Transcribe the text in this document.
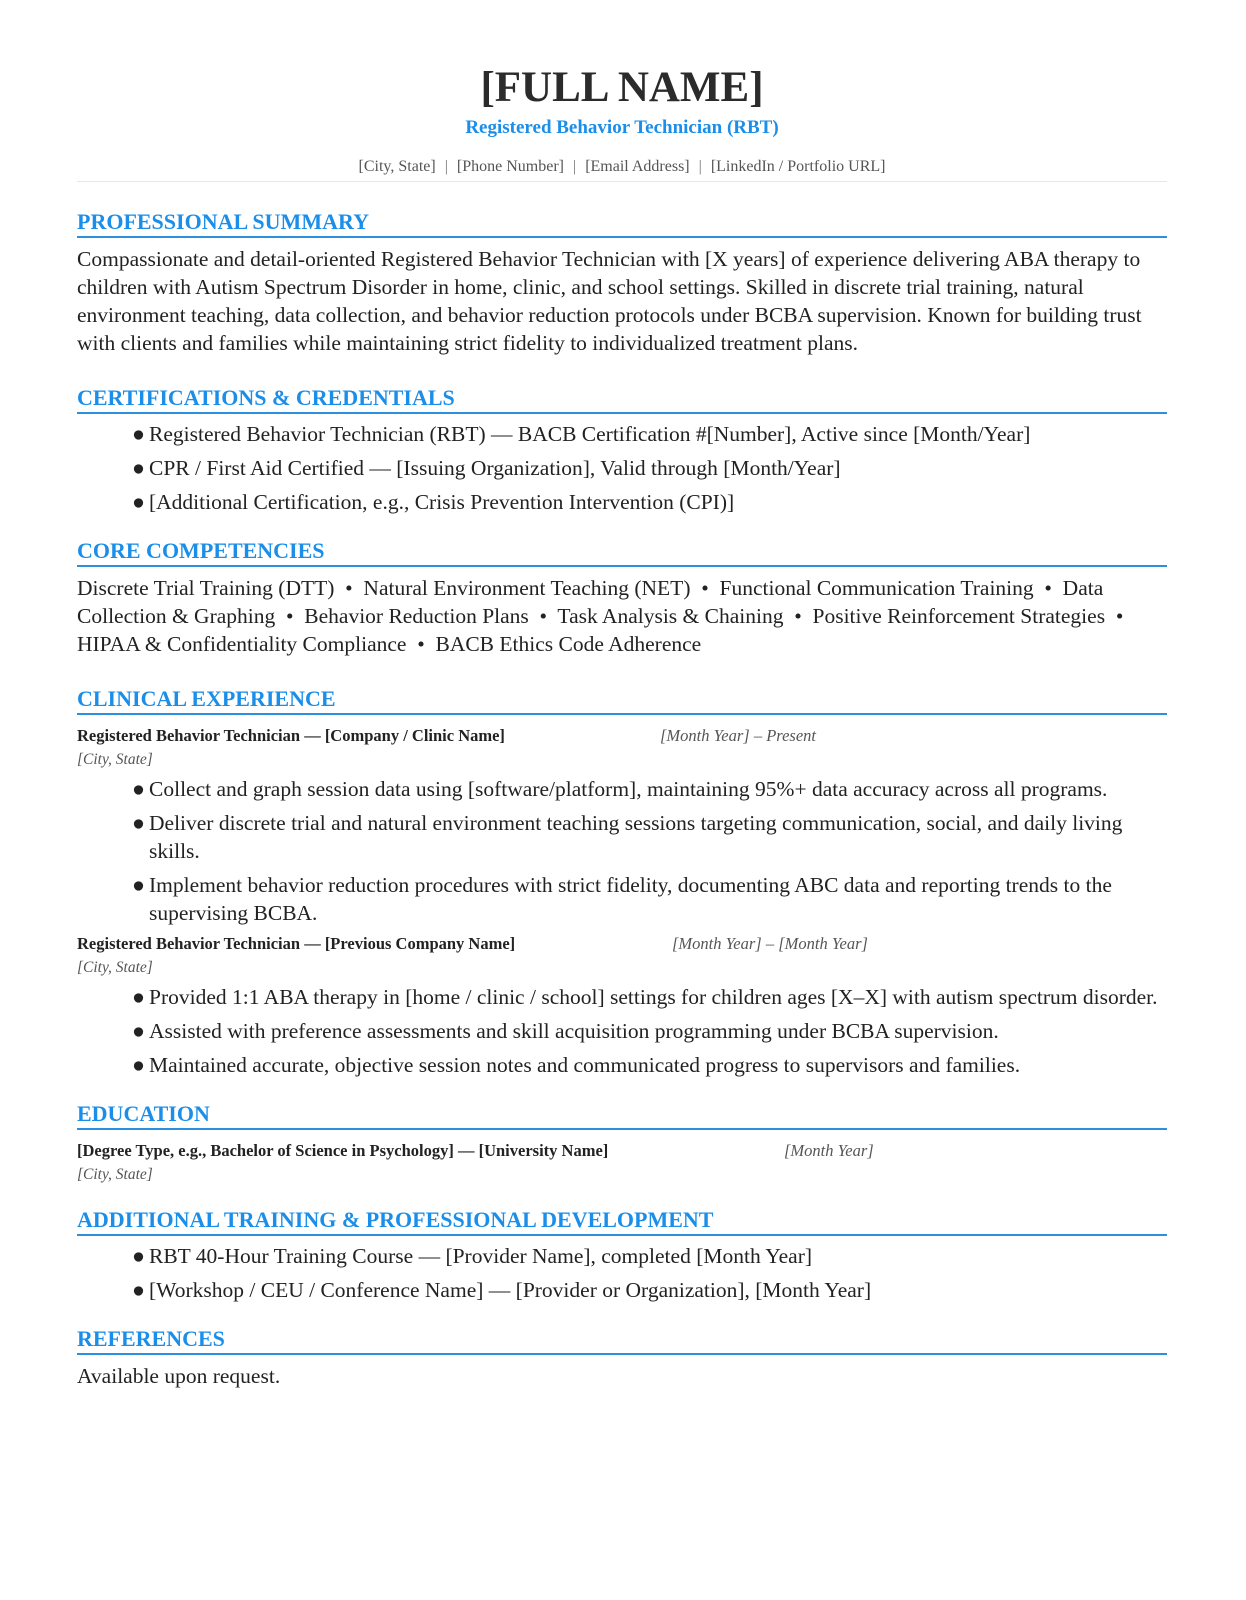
[FULL NAME]
Registered Behavior Technician (RBT)
[City, State] | [Phone Number] | [Email Address] | [LinkedIn / Portfolio URL]
PROFESSIONAL SUMMARY
Compassionate and detail-oriented Registered Behavior Technician with [X years] of experience delivering ABA therapy to children with Autism Spectrum Disorder in home, clinic, and school settings. Skilled in discrete trial training, natural environment teaching, data collection, and behavior reduction protocols under BCBA supervision. Known for building trust with clients and families while maintaining strict fidelity to individualized treatment plans.
CERTIFICATIONS & CREDENTIALS
● Registered Behavior Technician (RBT) — BACB Certification #[Number], Active since [Month/Year]
● CPR / First Aid Certified — [Issuing Organization], Valid through [Month/Year]
● [Additional Certification, e.g., Crisis Prevention Intervention (CPI)]
CORE COMPETENCIES
Discrete Trial Training (DTT)  •  Natural Environment Teaching (NET)  •  Functional Communication Training  •  Data Collection & Graphing  •  Behavior Reduction Plans  •  Task Analysis & Chaining  •  Positive Reinforcement Strategies  •  HIPAA & Confidentiality Compliance  •  BACB Ethics Code Adherence
CLINICAL EXPERIENCE
Registered Behavior Technician — [Company / Clinic Name]	[Month Year] – Present
[City, State]
● Collect and graph session data using [software/platform], maintaining 95%+ data accuracy across all programs.
● Deliver discrete trial and natural environment teaching sessions targeting communication, social, and daily living skills.
● Implement behavior reduction procedures with strict fidelity, documenting ABC data and reporting trends to the supervising BCBA.
Registered Behavior Technician — [Previous Company Name]	[Month Year] – [Month Year]
[City, State]
● Provided 1:1 ABA therapy in [home / clinic / school] settings for children ages [X–X] with autism spectrum disorder.
● Assisted with preference assessments and skill acquisition programming under BCBA supervision.
● Maintained accurate, objective session notes and communicated progress to supervisors and families.
EDUCATION
[Degree Type, e.g., Bachelor of Science in Psychology] — [University Name]	[Month Year]
[City, State]
ADDITIONAL TRAINING & PROFESSIONAL DEVELOPMENT
● RBT 40-Hour Training Course — [Provider Name], completed [Month Year]
● [Workshop / CEU / Conference Name] — [Provider or Organization], [Month Year]
REFERENCES
Available upon request.
